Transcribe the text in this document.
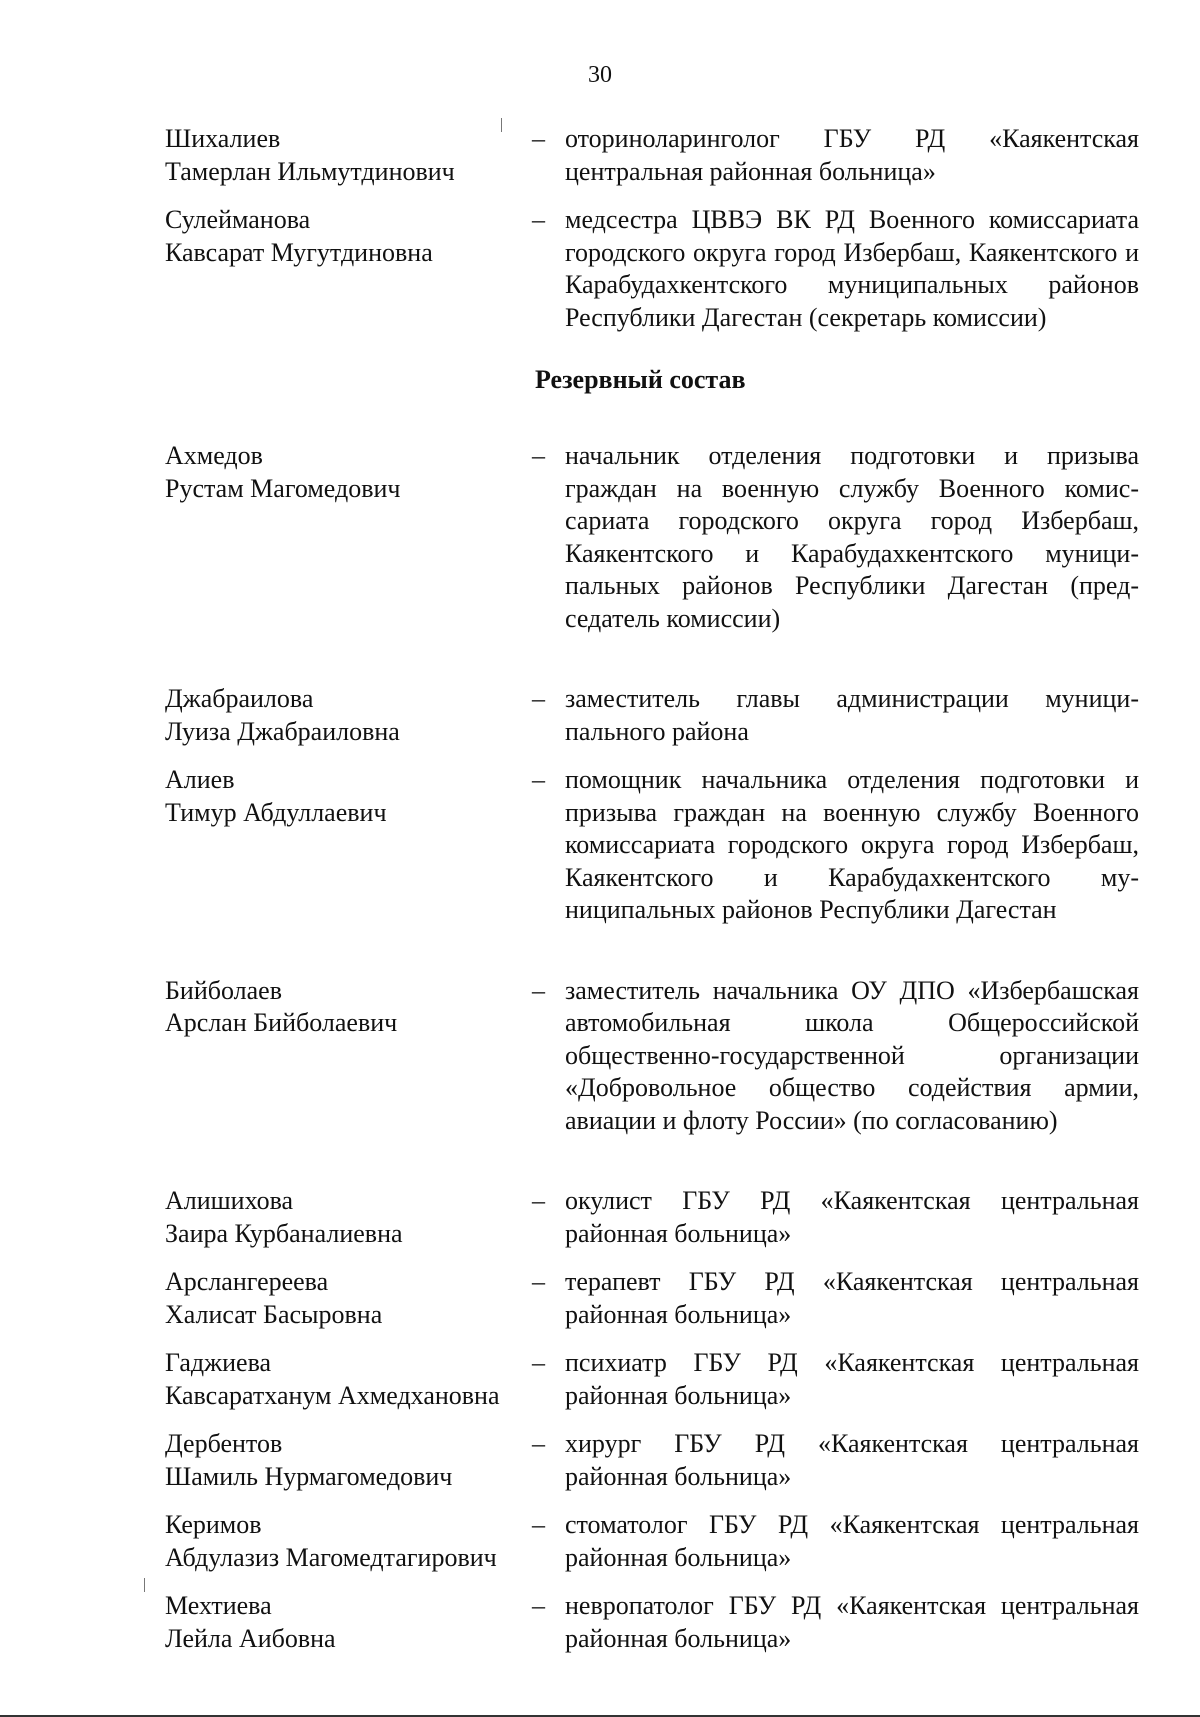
30
Шихалиев
Тамерлан Ильмутдинович
– оториноларинголог ГБУ РД «Каякентская центральная районная больница»
Сулейманова
Кавсарат Мугутдиновна
– медсестра ЦВВЭ ВК РД Военного комиссариата городского округа город Избербаш, Каякентского и Карабудахкентского муниципальных районов Республики Дагестан (секретарь комиссии)
Резервный состав
Ахмедов
Рустам Магомедович
– начальник отделения подготовки и призыва граждан на военную службу Военного комиссариата городского округа город Избербаш, Каякентского и Карабудахкентского муниципальных районов Республики Дагестан (председатель комиссии)
Джабраилова
Луиза Джабраиловна
– заместитель главы администрации муниципального района
Алиев
Тимур Абдуллаевич
– помощник начальника отделения подготовки и призыва граждан на военную службу Военного комиссариата городского округа город Избербаш, Каякентского и Карабудахкентского муниципальных районов Республики Дагестан
Бийболаев
Арслан Бийболаевич
– заместитель начальника ОУ ДПО «Избербашская автомобильная школа Общероссийской общественно-государственной организации «Добровольное общество содействия армии, авиации и флоту России» (по согласованию)
Алишихова
Заира Курбаналиевна
– окулист ГБУ РД «Каякентская центральная районная больница»
Арслангереева
Халисат Басыровна
– терапевт ГБУ РД «Каякентская центральная районная больница»
Гаджиева
Кавсаратханум Ахмедхановна
– психиатр ГБУ РД «Каякентская центральная районная больница»
Дербентов
Шамиль Нурмагомедович
– хирург ГБУ РД «Каякентская центральная районная больница»
Керимов
Абдулазиз Магомедтагирович
– стоматолог ГБУ РД «Каякентская центральная районная больница»
Мехтиева
Лейла Аибовна
– невропатолог ГБУ РД «Каякентская центральная районная больница»
